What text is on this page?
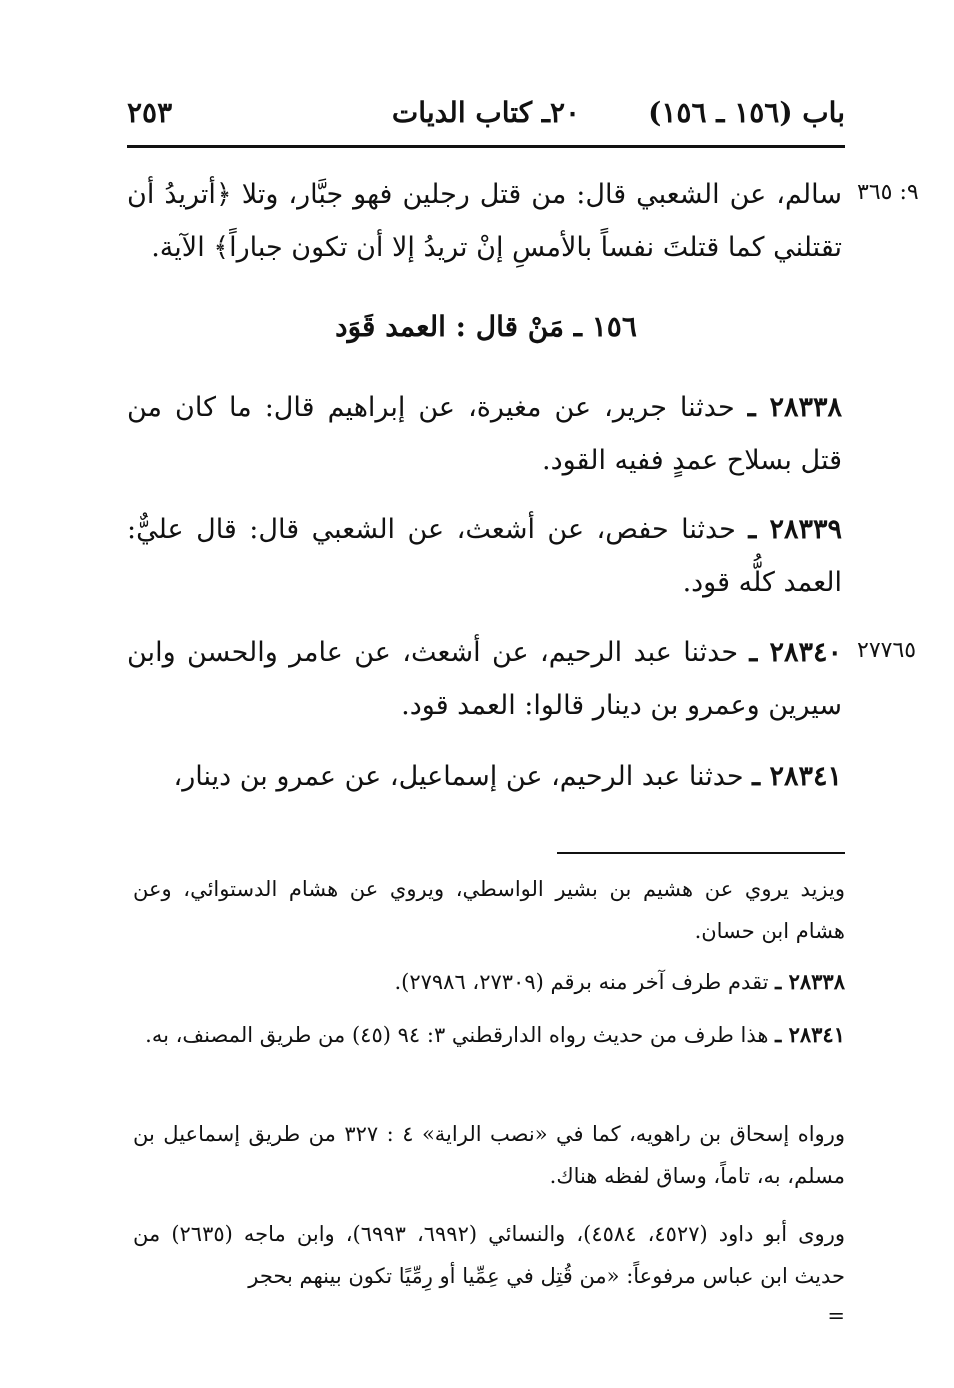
٢٥٣	٢٠ـ كتاب الديات	باب (١٥٦ ـ ١٥٦)
٩: ٣٦٥
سالم، عن الشعبي قال: من قتل رجلين فهو جبَّار، وتلا ﴿أتريدُ أن تقتلني كما قتلتَ نفساً بالأمسِ إنْ تريدُ إلا أن تكون جباراً﴾ الآية.
١٥٦ ـ مَنْ قال : العمد قَوَد
٢٨٣٣٨ ـ حدثنا جرير، عن مغيرة، عن إبراهيم قال: ما كان من قتل بسلاح عمدٍ ففيه القود.
٢٨٣٣٩ ـ حدثنا حفص، عن أشعث، عن الشعبي قال: قال عليٌّ: العمد كلُّه قود.
٢٧٧٦٥
٢٨٣٤٠ ـ حدثنا عبد الرحيم، عن أشعث، عن عامر والحسن وابن سيرين وعمرو بن دينار قالوا: العمد قود.
٢٨٣٤١ ـ حدثنا عبد الرحيم، عن إسماعيل، عن عمرو بن دينار،
ويزيد يروي عن هشيم بن بشير الواسطي، ويروي عن هشام الدستوائي، وعن هشام ابن حسان.
٢٨٣٣٨ ـ تقدم طرف آخر منه برقم (٢٧٣٠٩، ٢٧٩٨٦).
٢٨٣٤١ ـ هذا طرف من حديث رواه الدارقطني ٣: ٩٤ (٤٥) من طريق المصنف، به.
ورواه إسحاق بن راهويه، كما في «نصب الراية» ٤ : ٣٢٧ من طريق إسماعيل بن مسلم، به، تاماً، وساق لفظه هناك.
وروى أبو داود (٤٥٢٧، ٤٥٨٤)، والنسائي (٦٩٩٢، ٦٩٩٣)، وابن ماجه (٢٦٣٥) من حديث ابن عباس مرفوعاً: «من قُتِل في عِمِّيا أو رِمِّيًا تكون بينهم بحجر
=
